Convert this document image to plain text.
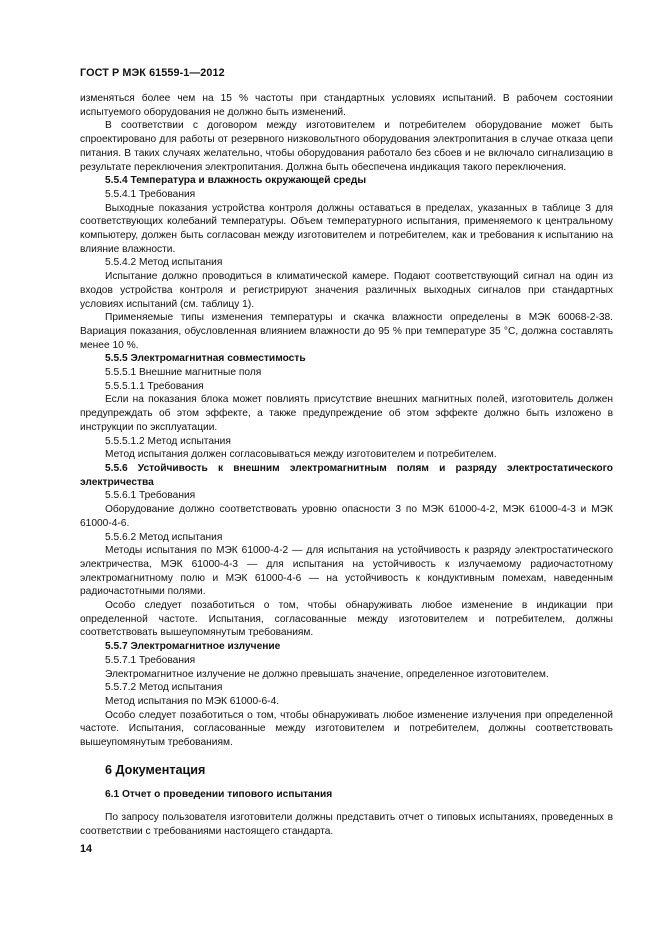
ГОСТ Р МЭК 61559-1—2012

изменяться более чем на 15 % частоты при стандартных условиях испытаний. В рабочем состоянии испытуемого оборудования не должно быть изменений.

В соответствии с договором между изготовителем и потребителем оборудование может быть спроектировано для работы от резервного низковольтного оборудования электропитания в случае отказа цепи питания. В таких случаях желательно, чтобы оборудования работало без сбоев и не включало сигнализацию в результате переключения электропитания. Должна быть обеспечена индикация такого переключения.

5.5.4 Температура и влажность окружающей среды

5.5.4.1 Требования

Выходные показания устройства контроля должны оставаться в пределах, указанных в таблице 3 для соответствующих колебаний температуры. Объем температурного испытания, применяемого к центральному компьютеру, должен быть согласован между изготовителем и потребителем, как и требования к испытанию на влияние влажности.

5.5.4.2 Метод испытания

Испытание должно проводиться в климатической камере. Подают соответствующий сигнал на один из входов устройства контроля и регистрируют значения различных выходных сигналов при стандартных условиях испытаний (см. таблицу 1).

Применяемые типы изменения температуры и скачка влажности определены в МЭК 60068-2-38. Вариация показания, обусловленная влиянием влажности до 95 % при температуре 35 °С, должна составлять менее 10 %.

5.5.5 Электромагнитная совместимость

5.5.5.1 Внешние магнитные поля

5.5.5.1.1 Требования

Если на показания блока может повлиять присутствие внешних магнитных полей, изготовитель должен предупреждать об этом эффекте, а также предупреждение об этом эффекте должно быть изложено в инструкции по эксплуатации.

5.5.5.1.2 Метод испытания

Метод испытания должен согласовываться между изготовителем и потребителем.

5.5.6 Устойчивость к внешним электромагнитным полям и разряду электростатического электричества

5.5.6.1 Требования

Оборудование должно соответствовать уровню опасности 3 по МЭК 61000-4-2, МЭК 61000-4-3 и МЭК 61000-4-6.

5.5.6.2 Метод испытания

Методы испытания по МЭК 61000-4-2 — для испытания на устойчивость к разряду электростатического электричества, МЭК 61000-4-3 — для испытания на устойчивость к излучаемому радиочастотному электромагнитному полю и МЭК 61000-4-6 — на устойчивость к кондуктивным помехам, наведенным радиочастотными полями.

Особо следует позаботиться о том, чтобы обнаруживать любое изменение в индикации при определенной частоте. Испытания, согласованные между изготовителем и потребителем, должны соответствовать вышеупомянутым требованиям.

5.5.7 Электромагнитное излучение

5.5.7.1 Требования

Электромагнитное излучение не должно превышать значение, определенное изготовителем.

5.5.7.2 Метод испытания

Метод испытания по МЭК 61000-6-4.

Особо следует позаботиться о том, чтобы обнаруживать любое изменение излучения при определенной частоте. Испытания, согласованные между изготовителем и потребителем, должны соответствовать вышеупомянутым требованиям.

6 Документация

6.1 Отчет о проведении типового испытания

По запросу пользователя изготовители должны представить отчет о типовых испытаниях, проведенных в соответствии с требованиями настоящего стандарта.

14
